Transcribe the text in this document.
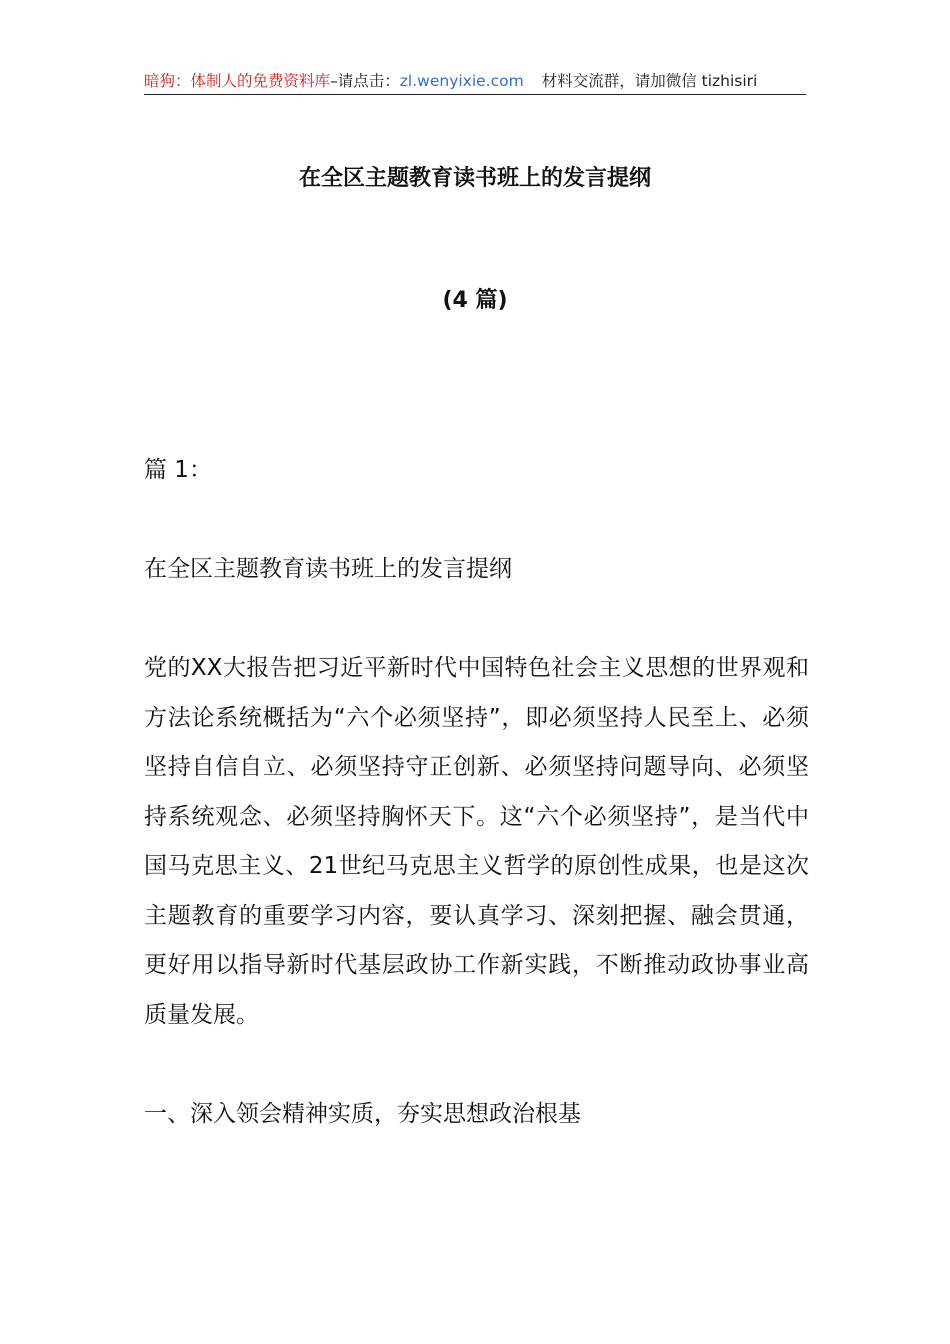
暗狗：体制人的免费资料库–请点击：zl.wenyixie.com 材料交流群，请加微信 tizhisiri
在全区主题教育读书班上的发言提纲
(4 篇)

篇 1：

在全区主题教育读书班上的发言提纲

党的XX大报告把习近平新时代中国特色社会主义思想的世界观和方法论系统概括为“六个必须坚持”，即必须坚持人民至上、必须坚持自信自立、必须坚持守正创新、必须坚持问题导向、必须坚持系统观念、必须坚持胸怀天下。这“六个必须坚持”，是当代中国马克思主义、21世纪马克思主义哲学的原创性成果，也是这次主题教育的重要学习内容，要认真学习、深刻把握、融会贯通，更好用以指导新时代基层政协工作新实践，不断推动政协事业高质量发展。

一、深入领会精神实质，夯实思想政治根基
